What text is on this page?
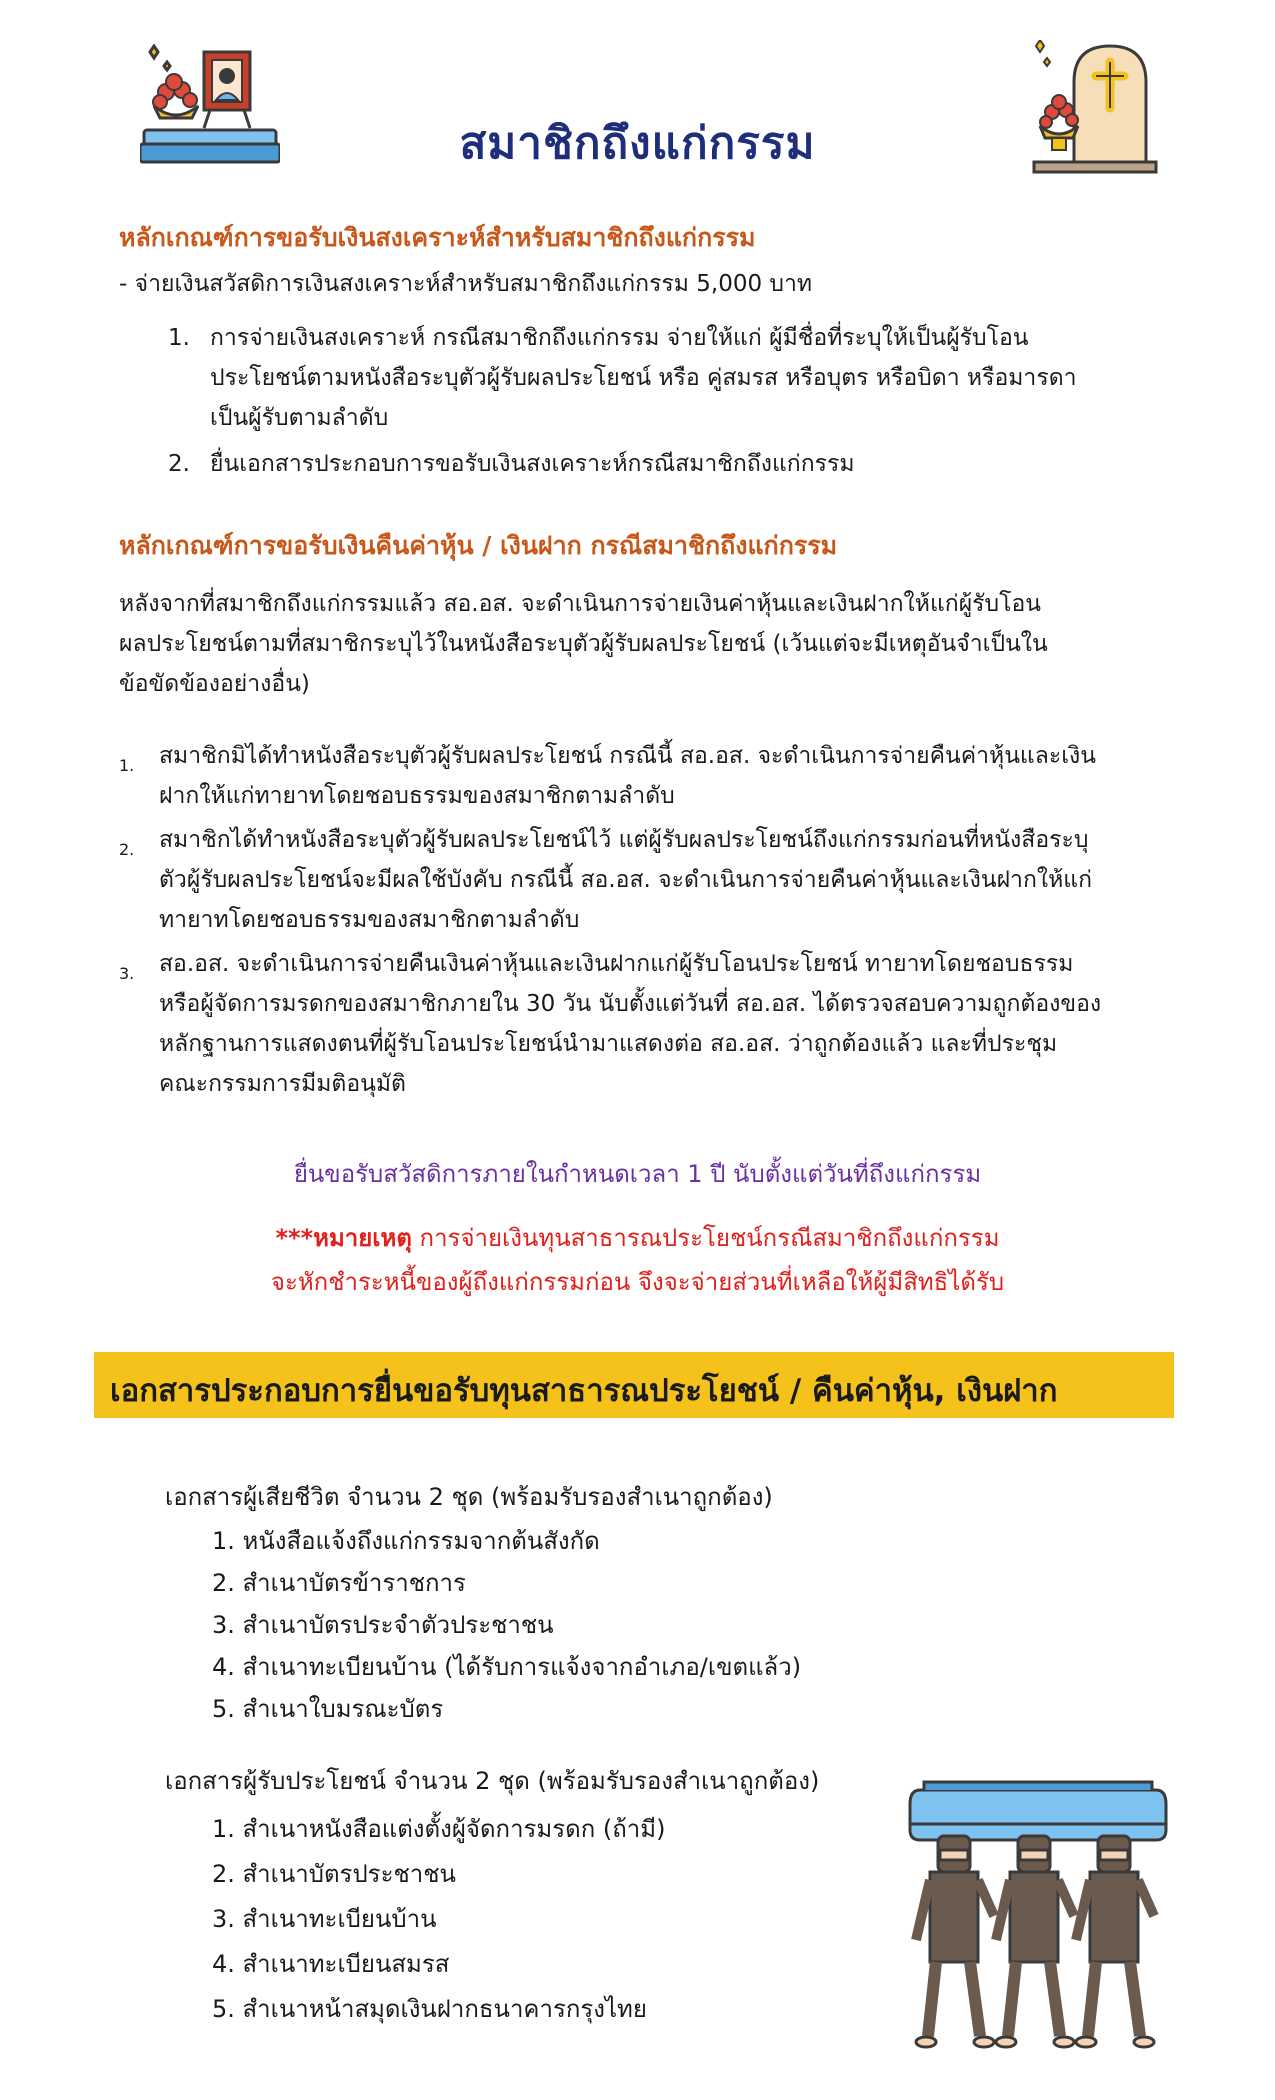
สมาชิกถึงแก่กรรม
หลักเกณฑ์การขอรับเงินสงเคราะห์สำหรับสมาชิกถึงแก่กรรม
- จ่ายเงินสวัสดิการเงินสงเคราะห์สำหรับสมาชิกถึงแก่กรรม 5,000 บาท
1. การจ่ายเงินสงเคราะห์ กรณีสมาชิกถึงแก่กรรม จ่ายให้แก่ ผู้มีชื่อที่ระบุให้เป็นผู้รับโอน
ประโยชน์ตามหนังสือระบุตัวผู้รับผลประโยชน์ หรือ คู่สมรส หรือบุตร หรือบิดา หรือมารดา
เป็นผู้รับตามลำดับ
2. ยื่นเอกสารประกอบการขอรับเงินสงเคราะห์กรณีสมาชิกถึงแก่กรรม
หลักเกณฑ์การขอรับเงินคืนค่าหุ้น / เงินฝาก กรณีสมาชิกถึงแก่กรรม
หลังจากที่สมาชิกถึงแก่กรรมแล้ว สอ.อส. จะดำเนินการจ่ายเงินค่าหุ้นและเงินฝากให้แก่ผู้รับโอน
ผลประโยชน์ตามที่สมาชิกระบุไว้ในหนังสือระบุตัวผู้รับผลประโยชน์ (เว้นแต่จะมีเหตุอันจำเป็นใน
ข้อขัดข้องอย่างอื่น)
1. สมาชิกมิได้ทำหนังสือระบุตัวผู้รับผลประโยชน์ กรณีนี้ สอ.อส. จะดำเนินการจ่ายคืนค่าหุ้นและเงิน
ฝากให้แก่ทายาทโดยชอบธรรมของสมาชิกตามลำดับ
2. สมาชิกได้ทำหนังสือระบุตัวผู้รับผลประโยชน์ไว้ แต่ผู้รับผลประโยชน์ถึงแก่กรรมก่อนที่หนังสือระบุ
ตัวผู้รับผลประโยชน์จะมีผลใช้บังคับ กรณีนี้ สอ.อส. จะดำเนินการจ่ายคืนค่าหุ้นและเงินฝากให้แก่
ทายาทโดยชอบธรรมของสมาชิกตามลำดับ
3. สอ.อส. จะดำเนินการจ่ายคืนเงินค่าหุ้นและเงินฝากแก่ผู้รับโอนประโยชน์ ทายาทโดยชอบธรรม
หรือผู้จัดการมรดกของสมาชิกภายใน 30 วัน นับตั้งแต่วันที่ สอ.อส. ได้ตรวจสอบความถูกต้องของ
หลักฐานการแสดงตนที่ผู้รับโอนประโยชน์นำมาแสดงต่อ สอ.อส. ว่าถูกต้องแล้ว และที่ประชุม
คณะกรรมการมีมติอนุมัติ
ยื่นขอรับสวัสดิการภายในกำหนดเวลา 1 ปี นับตั้งแต่วันที่ถึงแก่กรรม
***หมายเหตุ การจ่ายเงินทุนสาธารณประโยชน์กรณีสมาชิกถึงแก่กรรม
จะหักชำระหนี้ของผู้ถึงแก่กรรมก่อน จึงจะจ่ายส่วนที่เหลือให้ผู้มีสิทธิได้รับ
เอกสารประกอบการยื่นขอรับทุนสาธารณประโยชน์ / คืนค่าหุ้น, เงินฝาก
เอกสารผู้เสียชีวิต จำนวน 2 ชุด (พร้อมรับรองสำเนาถูกต้อง)
1. หนังสือแจ้งถึงแก่กรรมจากต้นสังกัด
2. สำเนาบัตรข้าราชการ
3. สำเนาบัตรประจำตัวประชาชน
4. สำเนาทะเบียนบ้าน (ได้รับการแจ้งจากอำเภอ/เขตแล้ว)
5. สำเนาใบมรณะบัตร
เอกสารผู้รับประโยชน์ จำนวน 2 ชุด (พร้อมรับรองสำเนาถูกต้อง)
1. สำเนาหนังสือแต่งตั้งผู้จัดการมรดก (ถ้ามี)
2. สำเนาบัตรประชาชน
3. สำเนาทะเบียนบ้าน
4. สำเนาทะเบียนสมรส
5. สำเนาหน้าสมุดเงินฝากธนาคารกรุงไทย
